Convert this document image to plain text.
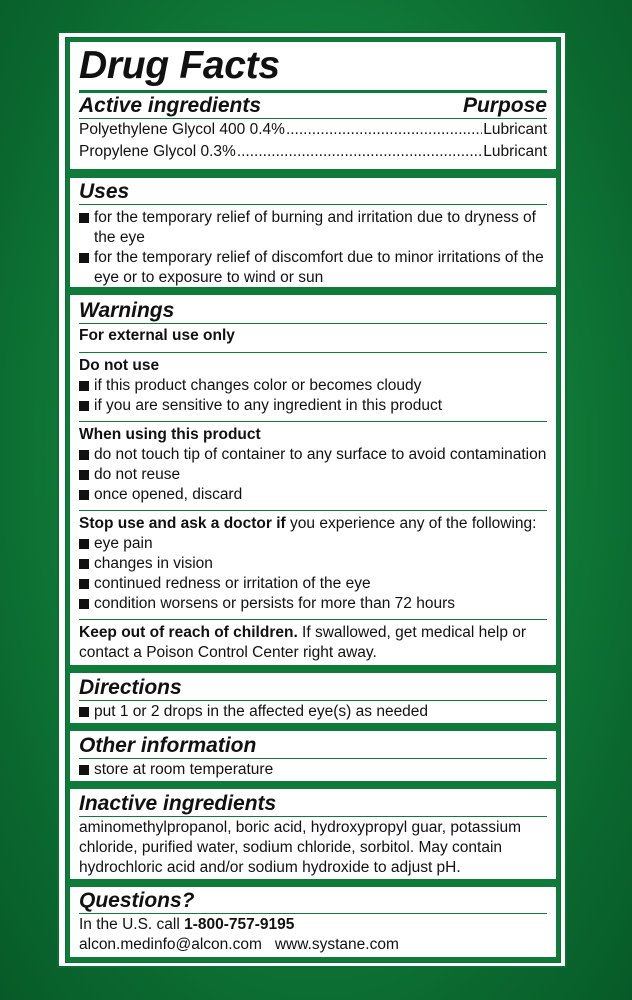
Drug Facts
Active ingredients	Purpose
Polyethylene Glycol 400 0.4% .....	Lubricant
Propylene Glycol 0.3% .....	Lubricant
Uses
for the temporary relief of burning and irritation due to dryness of the eye
for the temporary relief of discomfort due to minor irritations of the eye or to exposure to wind or sun
Warnings
For external use only
Do not use
if this product changes color or becomes cloudy
if you are sensitive to any ingredient in this product
When using this product
do not touch tip of container to any surface to avoid contamination
do not reuse
once opened, discard
Stop use and ask a doctor if you experience any of the following:
eye pain
changes in vision
continued redness or irritation of the eye
condition worsens or persists for more than 72 hours
Keep out of reach of children. If swallowed, get medical help or contact a Poison Control Center right away.
Directions
put 1 or 2 drops in the affected eye(s) as needed
Other information
store at room temperature
Inactive ingredients
aminomethylpropanol, boric acid, hydroxypropyl guar, potassium chloride, purified water, sodium chloride, sorbitol. May contain hydrochloric acid and/or sodium hydroxide to adjust pH.
Questions?
In the U.S. call 1-800-757-9195
alcon.medinfo@alcon.com www.systane.com
